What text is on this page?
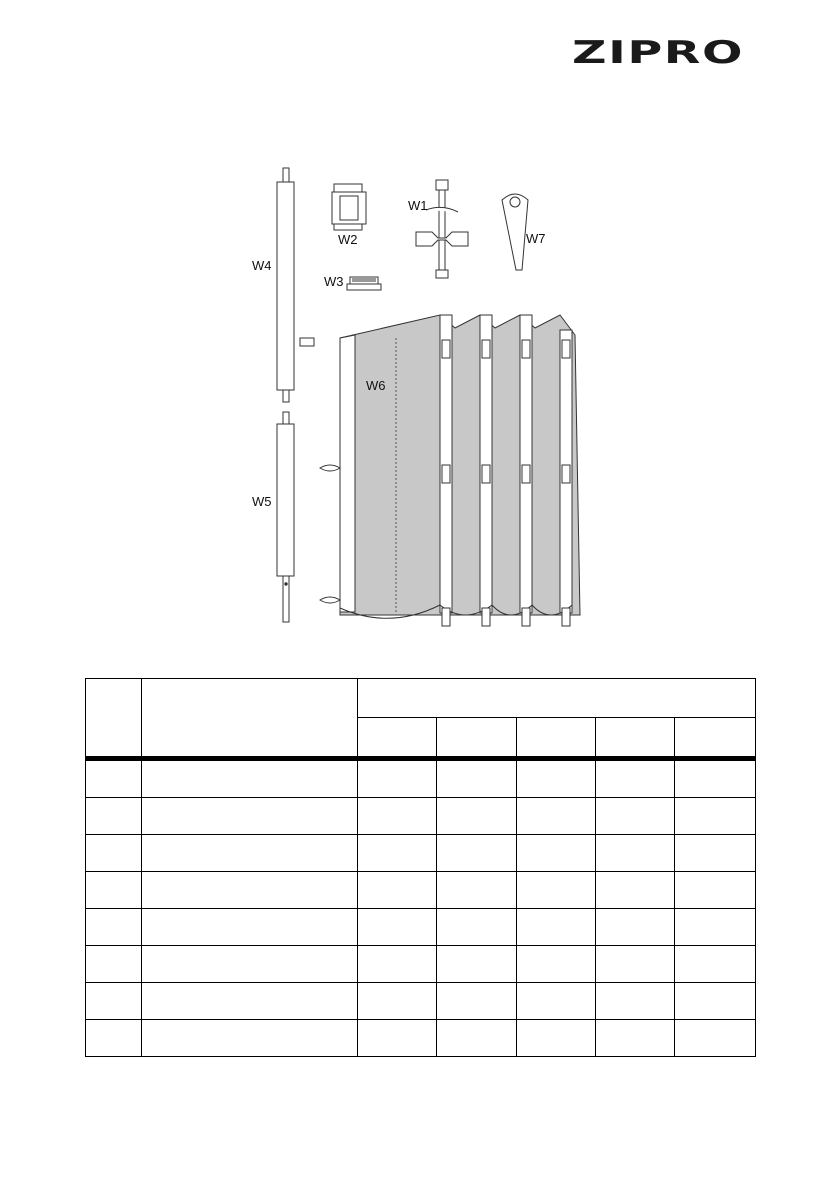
ZIPRO
W1
W2
W3
W4
W5
W6
W7
